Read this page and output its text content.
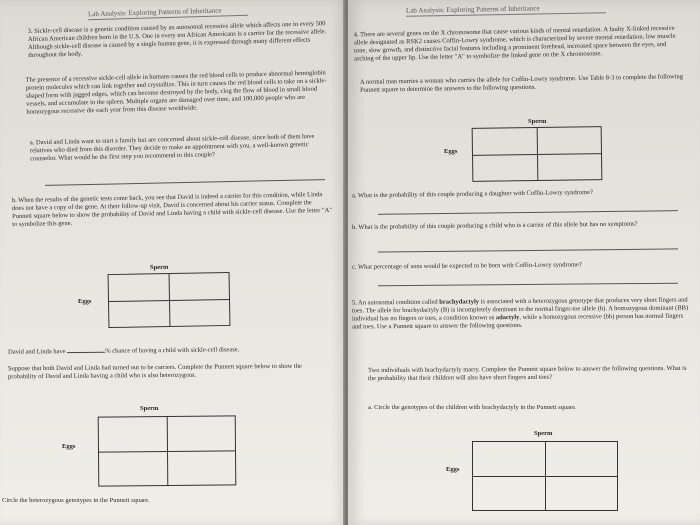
Lab Analysis: Exploring Patterns of Inheritance

3. Sickle-cell disease is a genetic condition caused by an autosomal recessive allele which affects one in every 500 African American children born in the U.S. One in every ten African Americans is a carrier for the recessive allele. Although sickle-cell disease is caused by a single human gene, it is expressed through many different effects throughout the body.

The presence of a recessive sickle-cell allele in humans causes the red blood cells to produce abnormal hemoglobin protein molecules which can link together and crystallize. This in turn causes the red blood cells to take on a sickle-shaped form with jagged edges, which can become destroyed by the body, clog the flow of blood in small blood vessels, and accumulate in the spleen. Multiple organs are damaged over time, and 100,000 people who are homozygous recessive die each year from this disease worldwide.

a. David and Linda want to start a family but are concerned about sickle-cell disease, since both of them have relatives who died from this disorder. They decide to make an appointment with you, a well-known genetic counselor. What would be the first step you recommend to this couple?

b. When the results of the genetic tests come back, you see that David is indeed a carrier for this condition, while Linda does not have a copy of the gene. At their follow-up visit, David is concerned about his carrier status. Complete the Punnett square below to show the probability of David and Linda having a child with sickle-cell disease. Use the letter "A" to symbolize this gene.

Sperm
Eggs
David and Linda have	% chance of having a child with sickle-cell disease.

Suppose that both David and Linda had turned out to be carriers. Complete the Punnett square below to show the probability of David and Linda having a child who is also heterozygous.

Sperm
Eggs

Circle the heterozygous genotypes in the Punnett square.

Lab Analysis: Exploring Patterns of Inheritance

4. There are several genes on the X chromosome that cause various kinds of mental retardation. A faulty X-linked recessive allele designated as RSK2 causes Coffin-Lowry syndrome, which is characterized by severe mental retardation, low muscle tone, slow growth, and distinctive facial features including a prominent forehead, increased space between the eyes, and arching of the upper lip. Use the letter "A" to symbolize the linked gene on the X chromosome.

A normal man marries a woman who carries the allele for Coffin-Lowry syndrome. Use Table 8-3 to complete the following Punnett square to determine the answers to the following questions.

Sperm
Eggs

a. What is the probability of this couple producing a daughter with Coffin-Lowry syndrome?

b. What is the probability of this couple producing a child who is a carrier of this allele but has no symptoms?

c. What percentage of sons would be expected to be born with Coffin-Lowry syndrome?

5. An autosomal condition called brachydactyly is associated with a heterozygous genotype that produces very short fingers and toes. The allele for brachydactyly (B) is incompletely dominant to the normal finger-toe allele (b). A homozygous dominant (BB) individual has no fingers or toes, a condition known as adactyly, while a homozygous recessive (bb) person has normal fingers and toes. Use a Punnett square to answer the following questions.

Two individuals with brachydactyly marry. Complete the Punnett square below to answer the following questions. What is the probability that their children will also have short fingers and toes?

a. Circle the genotypes of the children with brachydactyly in the Punnett square.

Sperm
Eggs
